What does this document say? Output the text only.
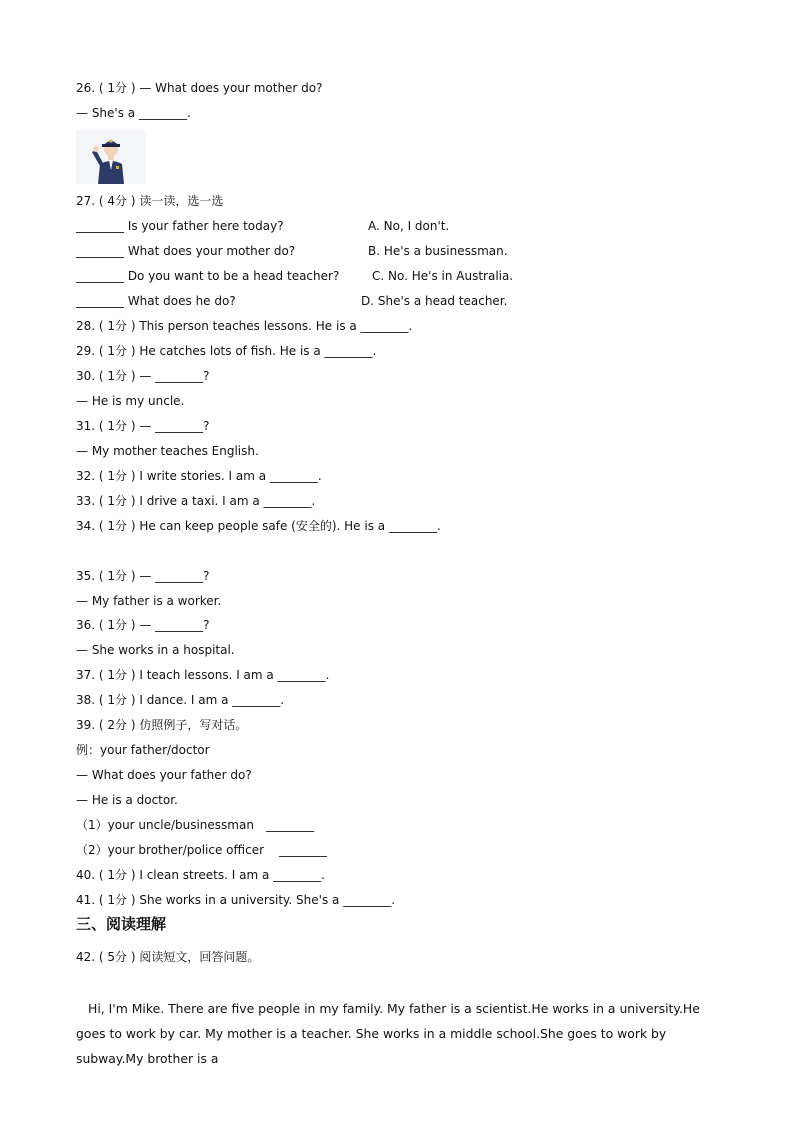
26. ( 1分 ) — What does your mother do?
— She's a ________.
27. ( 4分 ) 读一读，选一选
________ Is your father here today?	A. No, I don't.
________ What does your mother do?	B. He's a businessman.
________ Do you want to be a head teacher?	C. No. He's in Australia.
________ What does he do?	D. She's a head teacher.
28. ( 1分 ) This person teaches lessons. He is a ________.
29. ( 1分 ) He catches lots of fish. He is a ________.
30. ( 1分 ) — ________?
— He is my uncle.
31. ( 1分 ) — ________?
— My mother teaches English.
32. ( 1分 ) I write stories. I am a ________.
33. ( 1分 ) I drive a taxi. I am a ________.
34. ( 1分 ) He can keep people safe (安全的). He is a ________.
35. ( 1分 ) — ________?
— My father is a worker.
36. ( 1分 ) — ________?
— She works in a hospital.
37. ( 1分 ) I teach lessons. I am a ________.
38. ( 1分 ) I dance. I am a ________.
39. ( 2分 ) 仿照例子，写对话。
例：your father/doctor
— What does your father do?
— He is a doctor.
（1）your uncle/businessman ________
（2）your brother/police officer ________
40. ( 1分 ) I clean streets. I am a ________.
41. ( 1分 ) She works in a university. She's a ________.
三、阅读理解
42. ( 5分 ) 阅读短文，回答问题。
Hi, I'm Mike. There are five people in my family. My father is a scientist.He works in a university.He goes to work by car. My mother is a teacher. She works in a middle school.She goes to work by subway.My brother is a
